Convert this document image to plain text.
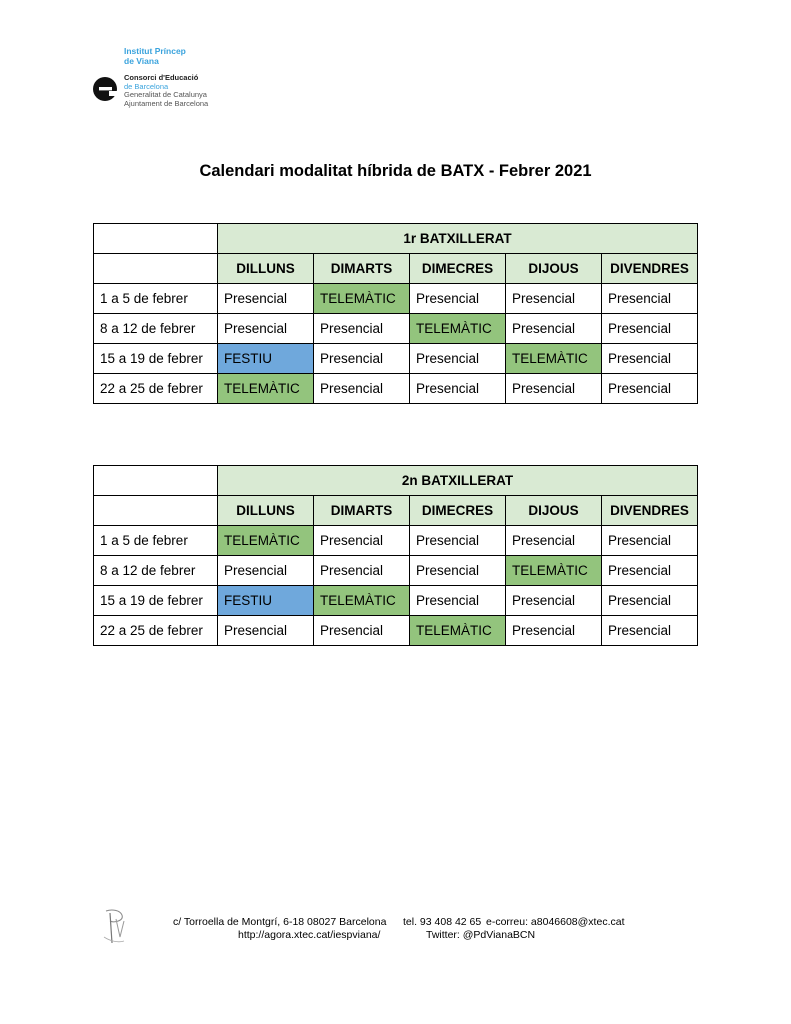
Institut Príncep
de Viana
Consorci d'Educació
de Barcelona
Generalitat de Catalunya
Ajuntament de Barcelona
Calendari modalitat híbrida de BATX - Febrer 2021
	1r BATXILLERAT				
	DILLUNS	DIMARTS	DIMECRES	DIJOUS	DIVENDRES
1 a 5 de febrer	Presencial	TELEMÀTIC	Presencial	Presencial	Presencial
8 a 12 de febrer	Presencial	Presencial	TELEMÀTIC	Presencial	Presencial
15 a 19 de febrer	FESTIU	Presencial	Presencial	TELEMÀTIC	Presencial
22 a 25 de febrer	TELEMÀTIC	Presencial	Presencial	Presencial	Presencial
	2n BATXILLERAT				
	DILLUNS	DIMARTS	DIMECRES	DIJOUS	DIVENDRES
1 a 5 de febrer	TELEMÀTIC	Presencial	Presencial	Presencial	Presencial
8 a 12 de febrer	Presencial	Presencial	Presencial	TELEMÀTIC	Presencial
15 a 19 de febrer	FESTIU	TELEMÀTIC	Presencial	Presencial	Presencial
22 a 25 de febrer	Presencial	Presencial	TELEMÀTIC	Presencial	Presencial
c/ Torroella de Montgrí, 6-18 08027 Barcelona tel. 93 408 42 65 e-correu: a8046608@xtec.cat
http://agora.xtec.cat/iespviana/	Twitter: @PdVianaBCN
